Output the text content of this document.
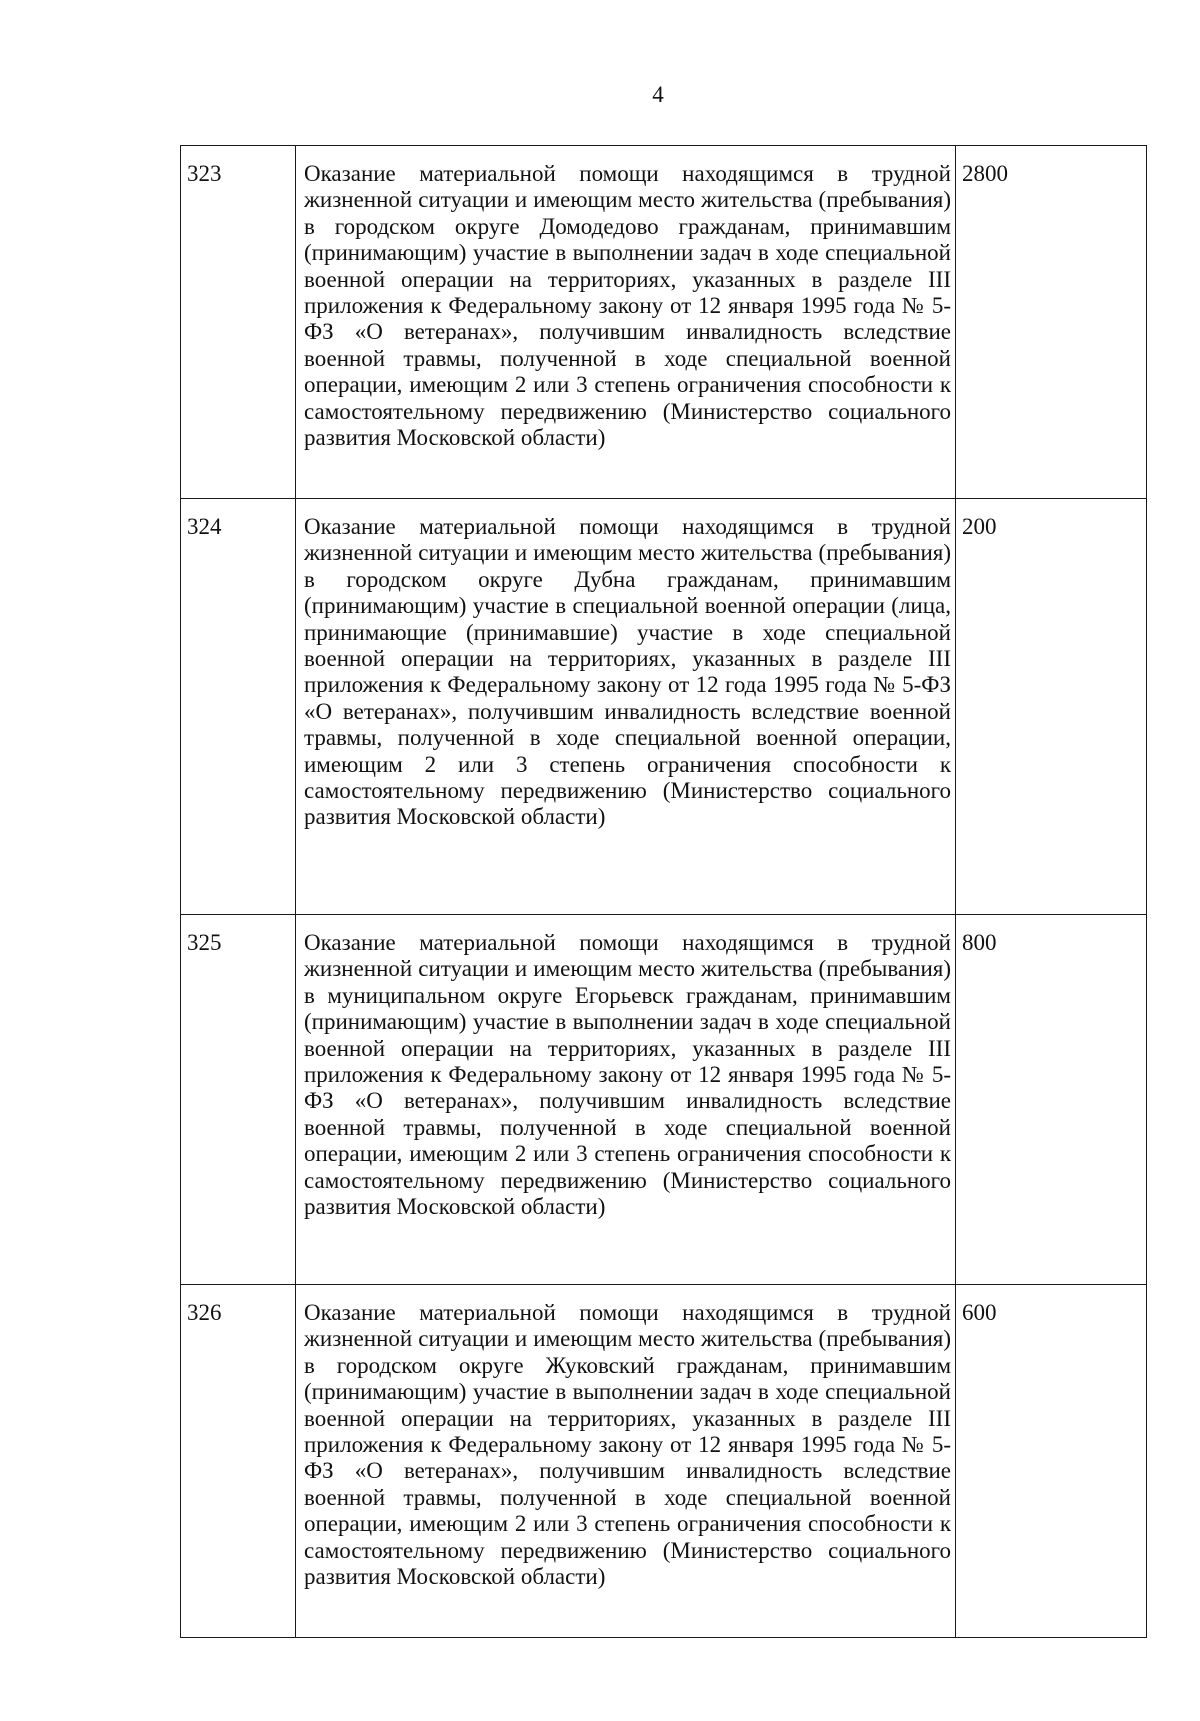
4
323	Оказание материальной помощи находящимся в трудной жизненной ситуации и имеющим место жительства (пребывания) в городском округе Домодедово гражданам, принимавшим (принимающим) участие в выполнении задач в ходе специальной военной операции на территориях, указанных в разделе III приложения к Федеральному закону от 12 января 1995 года № 5-ФЗ «О ветеранах», получившим инвалидность вследствие военной травмы, полученной в ходе специальной военной операции, имеющим 2 или 3 степень ограничения способности к самостоятельному передвижению (Министерство социального развития Московской области)	2800
324	Оказание материальной помощи находящимся в трудной жизненной ситуации и имеющим место жительства (пребывания) в городском округе Дубна гражданам, принимавшим (принимающим) участие в специальной военной операции (лица, принимающие (принимавшие) участие в ходе специальной военной операции на территориях, указанных в разделе III приложения к Федеральному закону от 12 года 1995 года № 5-ФЗ «О ветеранах», получившим инвалидность вследствие военной травмы, полученной в ходе специальной военной операции, имеющим 2 или 3 степень ограничения способности к самостоятельному передвижению (Министерство социального развития Московской области)	200
325	Оказание материальной помощи находящимся в трудной жизненной ситуации и имеющим место жительства (пребывания) в муниципальном округе Егорьевск гражданам, принимавшим (принимающим) участие в выполнении задач в ходе специальной военной операции на территориях, указанных в разделе III приложения к Федеральному закону от 12 января 1995 года № 5-ФЗ «О ветеранах», получившим инвалидность вследствие военной травмы, полученной в ходе специальной военной операции, имеющим 2 или 3 степень ограничения способности к самостоятельному передвижению (Министерство социального развития Московской области)	800
326	Оказание материальной помощи находящимся в трудной жизненной ситуации и имеющим место жительства (пребывания) в городском округе Жуковский гражданам, принимавшим (принимающим) участие в выполнении задач в ходе специальной военной операции на территориях, указанных в разделе III приложения к Федеральному закону от 12 января 1995 года № 5-ФЗ «О ветеранах», получившим инвалидность вследствие военной травмы, полученной в ходе специальной военной операции, имеющим 2 или 3 степень ограничения способности к самостоятельному передвижению (Министерство социального развития Московской области)	600
